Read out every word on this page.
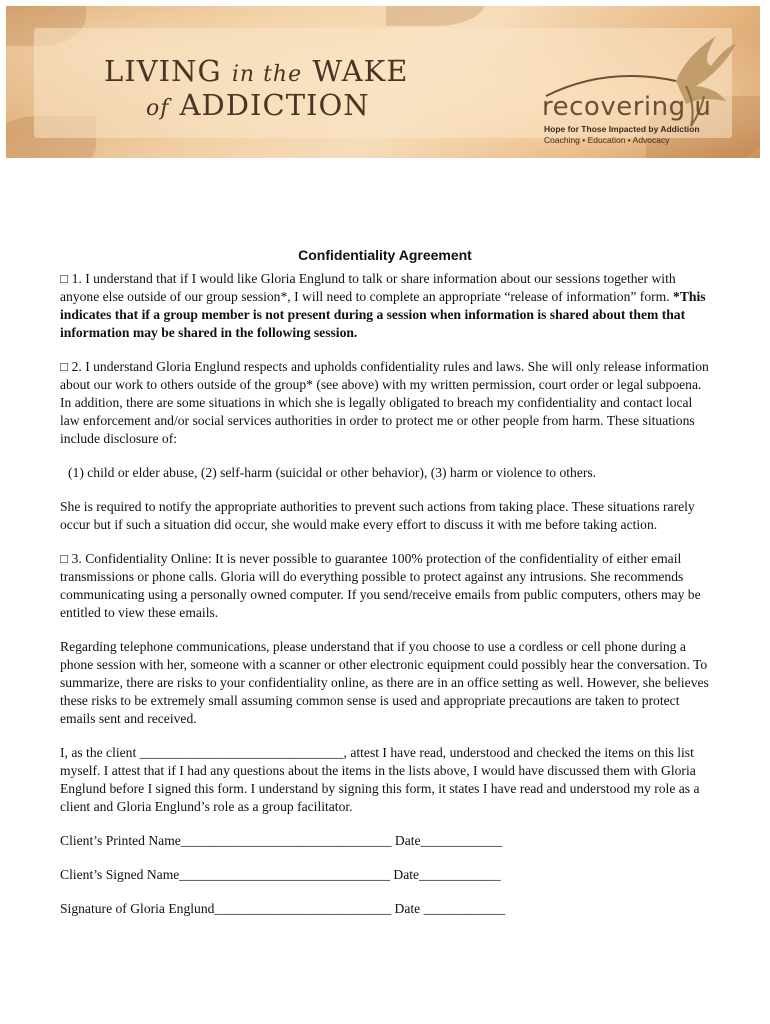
LIVING in the WAKE
of ADDICTION	recovering u
Hope for Those Impacted by Addiction
Coaching • Education • Advocacy
Confidentiality Agreement

□ 1. I understand that if I would like Gloria Englund to talk or share information about our sessions together with anyone else outside of our group session*, I will need to complete an appropriate “release of information” form. *This indicates that if a group member is not present during a session when information is shared about them that information may be shared in the following session.

□ 2. I understand Gloria Englund respects and upholds confidentiality rules and laws. She will only release information about our work to others outside of the group* (see above) with my written permission, court order or legal subpoena. In addition, there are some situations in which she is legally obligated to breach my confidentiality and contact local law enforcement and/or social services authorities in order to protect me or other people from harm. These situations include disclosure of:

(1) child or elder abuse, (2) self-harm (suicidal or other behavior), (3) harm or violence to others.

She is required to notify the appropriate authorities to prevent such actions from taking place. These situations rarely occur but if such a situation did occur, she would make every effort to discuss it with me before taking action.

□ 3. Confidentiality Online: It is never possible to guarantee 100% protection of the confidentiality of either email transmissions or phone calls. Gloria will do everything possible to protect against any intrusions. She recommends communicating using a personally owned computer. If you send/receive emails from public computers, others may be entitled to view these emails.

Regarding telephone communications, please understand that if you choose to use a cordless or cell phone during a phone session with her, someone with a scanner or other electronic equipment could possibly hear the conversation. To summarize, there are risks to your confidentiality online, as there are in an office setting as well. However, she believes these risks to be extremely small assuming common sense is used and appropriate precautions are taken to protect emails sent and received.

I, as the client ______________________________, attest I have read, understood and checked the items on this list myself. I attest that if I had any questions about the items in the lists above, I would have discussed them with Gloria Englund before I signed this form. I understand by signing this form, it states I have read and understood my role as a client and Gloria Englund’s role as a group facilitator.

Client’s Printed Name_______________________________ Date____________

Client’s Signed Name_______________________________ Date____________

Signature of Gloria Englund__________________________ Date ____________
